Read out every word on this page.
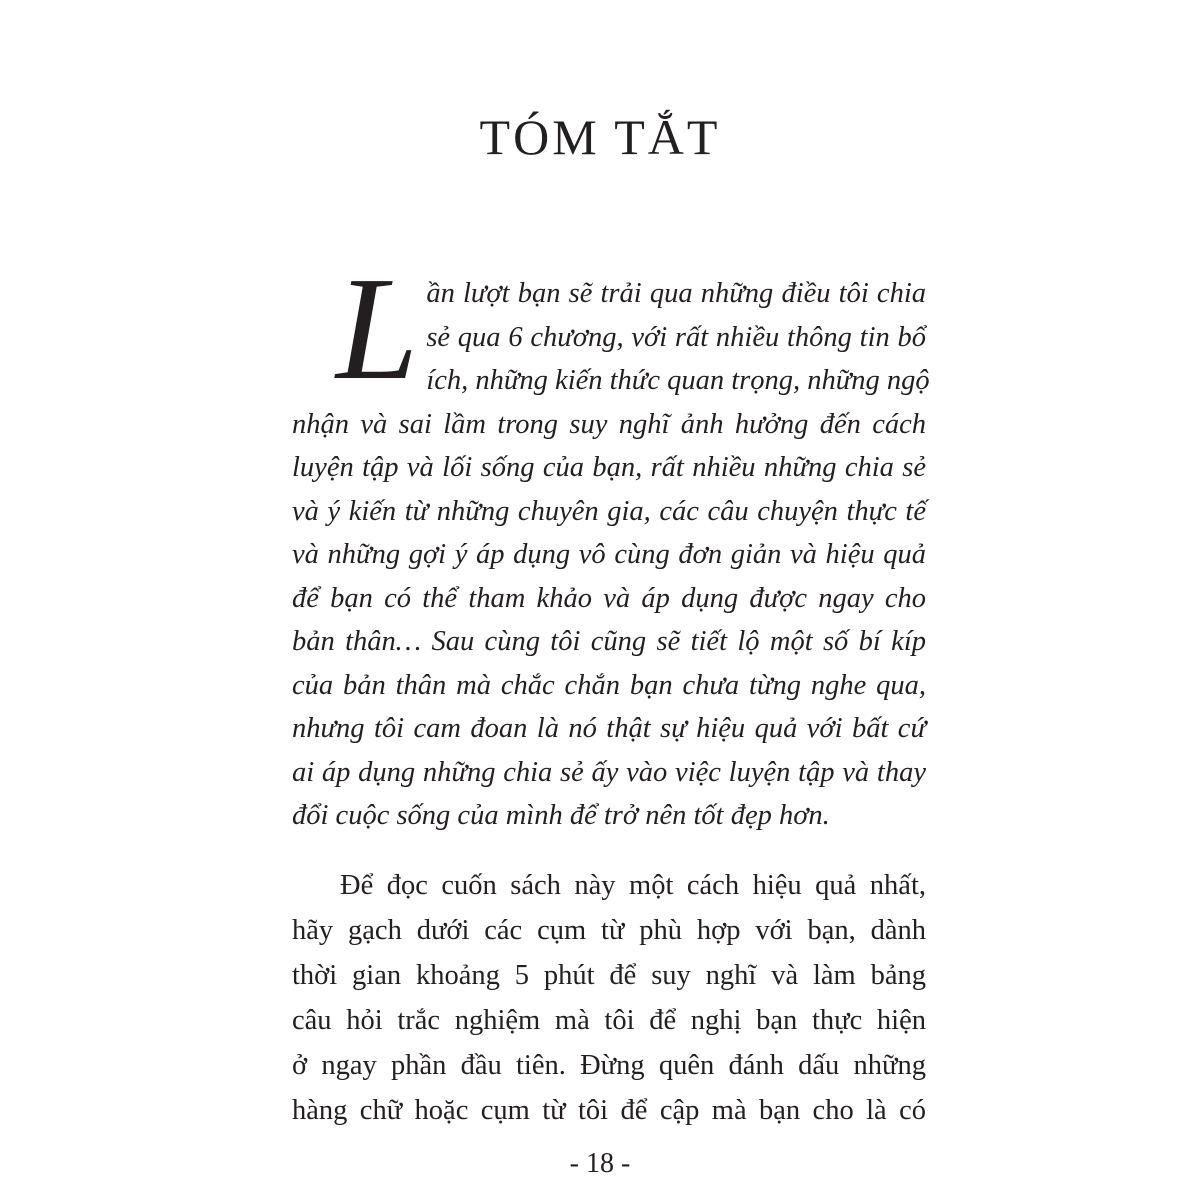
TÓM TẮT
L ần lượt bạn sẽ trải qua những điều tôi chia
sẻ qua 6 chương, với rất nhiều thông tin bổ
ích, những kiến thức quan trọng, những ngộ
nhận và sai lầm trong suy nghĩ ảnh hưởng đến cách
luyện tập và lối sống của bạn, rất nhiều những chia sẻ
và ý kiến từ những chuyên gia, các câu chuyện thực tế
và những gợi ý áp dụng vô cùng đơn giản và hiệu quả
để bạn có thể tham khảo và áp dụng được ngay cho
bản thân… Sau cùng tôi cũng sẽ tiết lộ một số bí kíp
của bản thân mà chắc chắn bạn chưa từng nghe qua,
nhưng tôi cam đoan là nó thật sự hiệu quả với bất cứ
ai áp dụng những chia sẻ ấy vào việc luyện tập và thay
đổi cuộc sống của mình để trở nên tốt đẹp hơn.
Để đọc cuốn sách này một cách hiệu quả nhất,
hãy gạch dưới các cụm từ phù hợp với bạn, dành
thời gian khoảng 5 phút để suy nghĩ và làm bảng
câu hỏi trắc nghiệm mà tôi để nghị bạn thực hiện
ở ngay phần đầu tiên. Đừng quên đánh dấu những
hàng chữ hoặc cụm từ tôi để cập mà bạn cho là có
- 18 -
